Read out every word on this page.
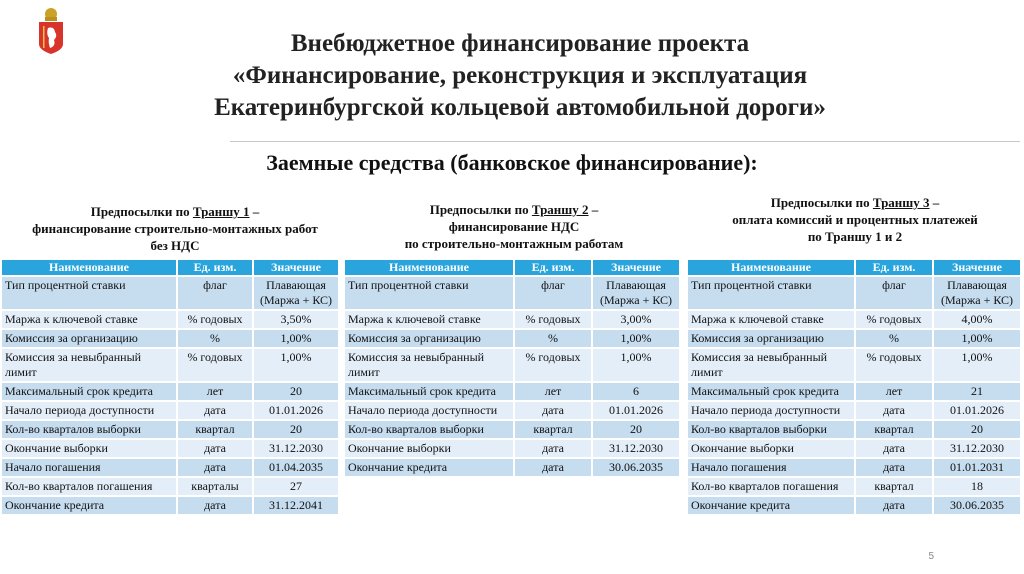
Внебюджетное финансирование проекта
«Финансирование, реконструкция и эксплуатация
Екатеринбургской кольцевой автомобильной дороги»
Заемные средства (банковское финансирование):
Предпосылки по Траншу 1 –
финансирование строительно-монтажных работ
без НДС
Предпосылки по Траншу 2 –
финансирование НДС
по строительно-монтажным работам
Предпосылки по Траншу 3 –
оплата комиссий и процентных платежей
по Траншу 1 и 2
Наименование	Ед. изм.	Значение
Тип процентной ставки	флаг	Плавающая (Маржа + КС)
Маржа к ключевой ставке	% годовых	3,50%
Комиссия за организацию	%	1,00%
Комиссия за невыбранный лимит	% годовых	1,00%
Максимальный срок кредита	лет	20
Начало периода доступности	дата	01.01.2026
Кол-во кварталов выборки	квартал	20
Окончание выборки	дата	31.12.2030
Начало погашения	дата	01.04.2035
Кол-во кварталов погашения	кварталы	27
Окончание кредита	дата	31.12.2041
Наименование	Ед. изм.	Значение
Тип процентной ставки	флаг	Плавающая (Маржа + КС)
Маржа к ключевой ставке	% годовых	3,00%
Комиссия за организацию	%	1,00%
Комиссия за невыбранный лимит	% годовых	1,00%
Максимальный срок кредита	лет	6
Начало периода доступности	дата	01.01.2026
Кол-во кварталов выборки	квартал	20
Окончание выборки	дата	31.12.2030
Окончание кредита	дата	30.06.2035
Наименование	Ед. изм.	Значение
Тип процентной ставки	флаг	Плавающая (Маржа + КС)
Маржа к ключевой ставке	% годовых	4,00%
Комиссия за организацию	%	1,00%
Комиссия за невыбранный лимит	% годовых	1,00%
Максимальный срок кредита	лет	21
Начало периода доступности	дата	01.01.2026
Кол-во кварталов выборки	квартал	20
Окончание выборки	дата	31.12.2030
Начало погашения	дата	01.01.2031
Кол-во кварталов погашения	квартал	18
Окончание кредита	дата	30.06.2035
5
